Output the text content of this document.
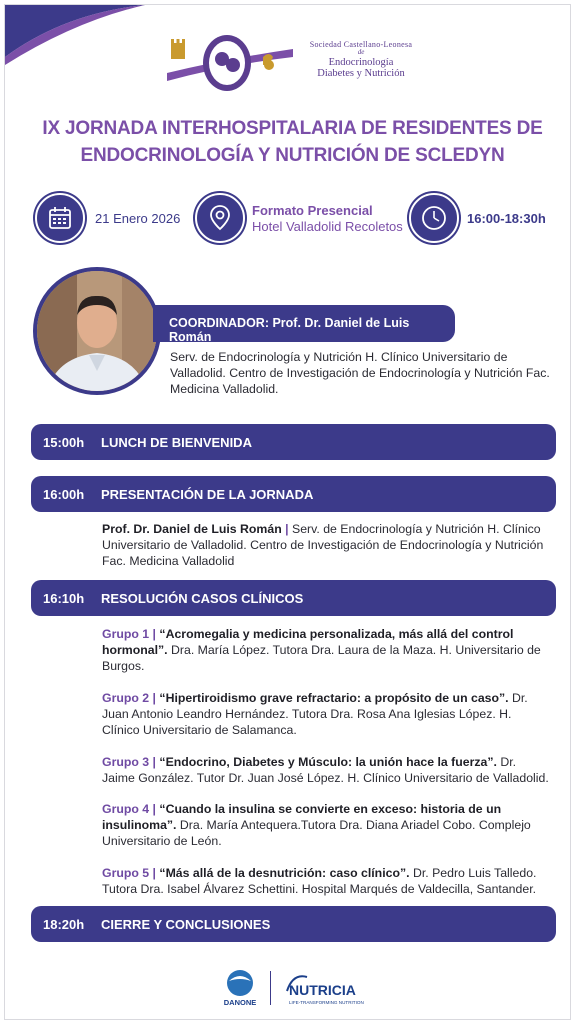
Sociedad Castellano-Leonesa
de
Endocrinología
Diabetes y Nutrición
IX JORNADA INTERHOSPITALARIA DE RESIDENTES DE
ENDOCRINOLOGÍA Y NUTRICIÓN DE SCLEDYN
21 Enero 2026
Formato Presencial
Hotel Valladolid Recoletos
16:00-18:30h
COORDINADOR: Prof. Dr. Daniel de Luis Román
Serv. de Endocrinología y Nutrición H. Clínico Universitario de
Valladolid. Centro de Investigación de Endocrinología y Nutrición Fac.
Medicina Valladolid.
15:00h LUNCH DE BIENVENIDA
16:00h PRESENTACIÓN DE LA JORNADA
Prof. Dr. Daniel de Luis Román | Serv. de Endocrinología y Nutrición H. Clínico
Universitario de Valladolid. Centro de Investigación de Endocrinología y Nutrición
Fac. Medicina Valladolid
16:10h RESOLUCIÓN CASOS CLÍNICOS
Grupo 1 | “Acromegalia y medicina personalizada, más allá del control hormonal”. Dra. María López. Tutora Dra. Laura de la Maza. H. Universitario de Burgos.
Grupo 2 | “Hipertiroidismo grave refractario: a propósito de un caso”. Dr. Juan Antonio Leandro Hernández. Tutora Dra. Rosa Ana Iglesias López. H. Clínico Universitario de Salamanca.
Grupo 3 | “Endocrino, Diabetes y Músculo: la unión hace la fuerza”. Dr. Jaime González. Tutor Dr. Juan José López. H. Clínico Universitario de Valladolid.
Grupo 4 | “Cuando la insulina se convierte en exceso: historia de un insulinoma”. Dra. María Antequera.Tutora Dra. Diana Ariadel Cobo. Complejo Universitario de León.
Grupo 5 | “Más allá de la desnutrición: caso clínico”. Dr. Pedro Luis Talledo. Tutora Dra. Isabel Álvarez Schettini. Hospital Marqués de Valdecilla, Santander.
18:20h CIERRE Y CONCLUSIONES
DANONE
NUTRICIA
LIFE-TRANSFORMING NUTRITION
